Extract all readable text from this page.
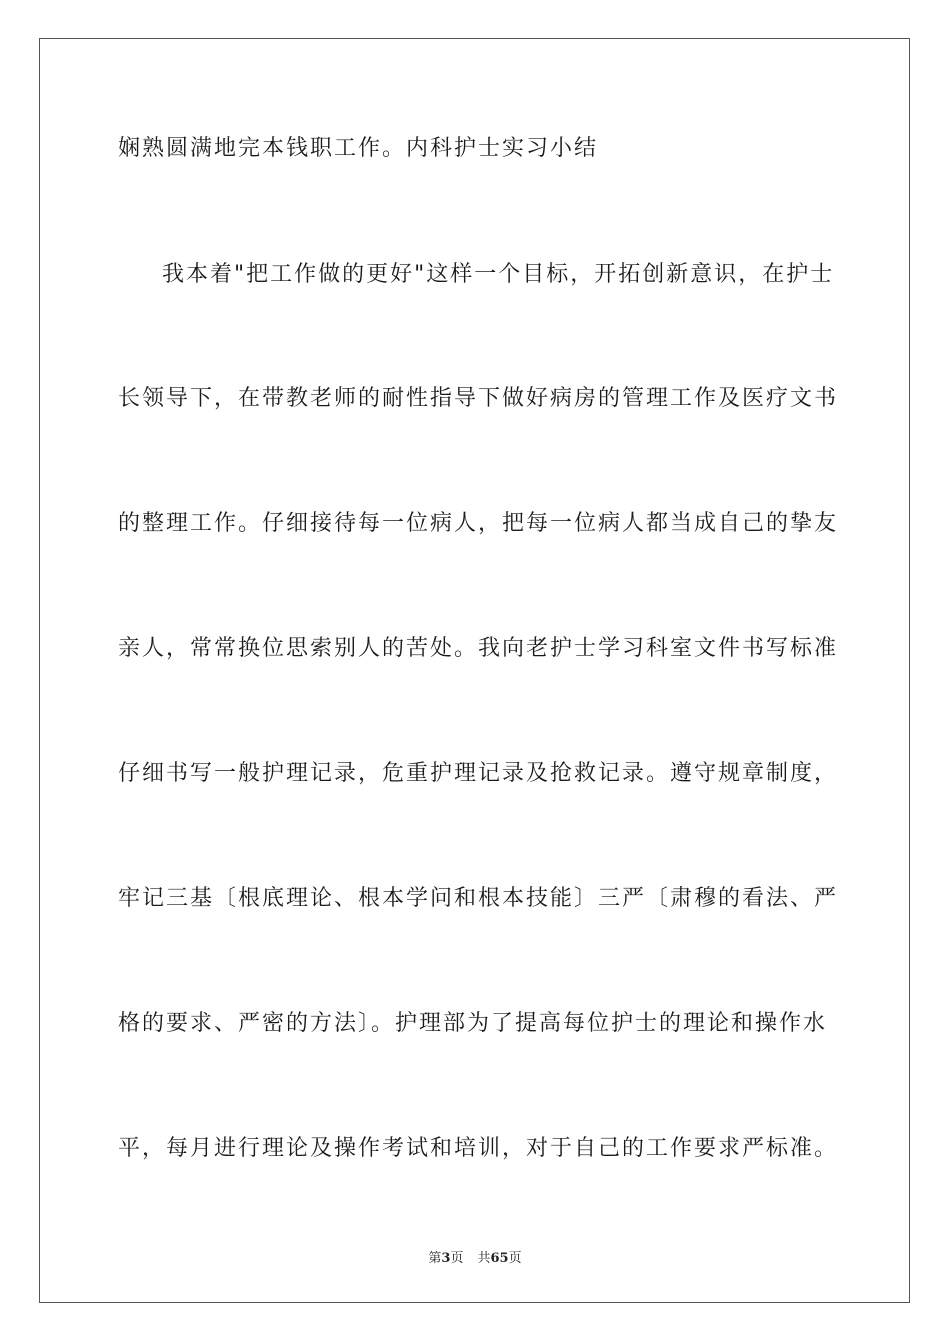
娴熟圆满地完本钱职工作。内科护士实习小结
我本着"把工作做的更好"这样一个目标，开拓创新意识，在护士
长领导下，在带教老师的耐性指导下做好病房的管理工作及医疗文书
的整理工作。仔细接待每一位病人，把每一位病人都当成自己的挚友
亲人，常常换位思索别人的苦处。我向老护士学习科室文件书写标准
仔细书写一般护理记录，危重护理记录及抢救记录。遵守规章制度，
牢记三基〔根底理论、根本学问和根本技能〕三严〔肃穆的看法、严
格的要求、严密的方法〕。护理部为了提高每位护士的理论和操作水
平，每月进行理论及操作考试和培训，对于自己的工作要求严标准。
第3页 共65页
